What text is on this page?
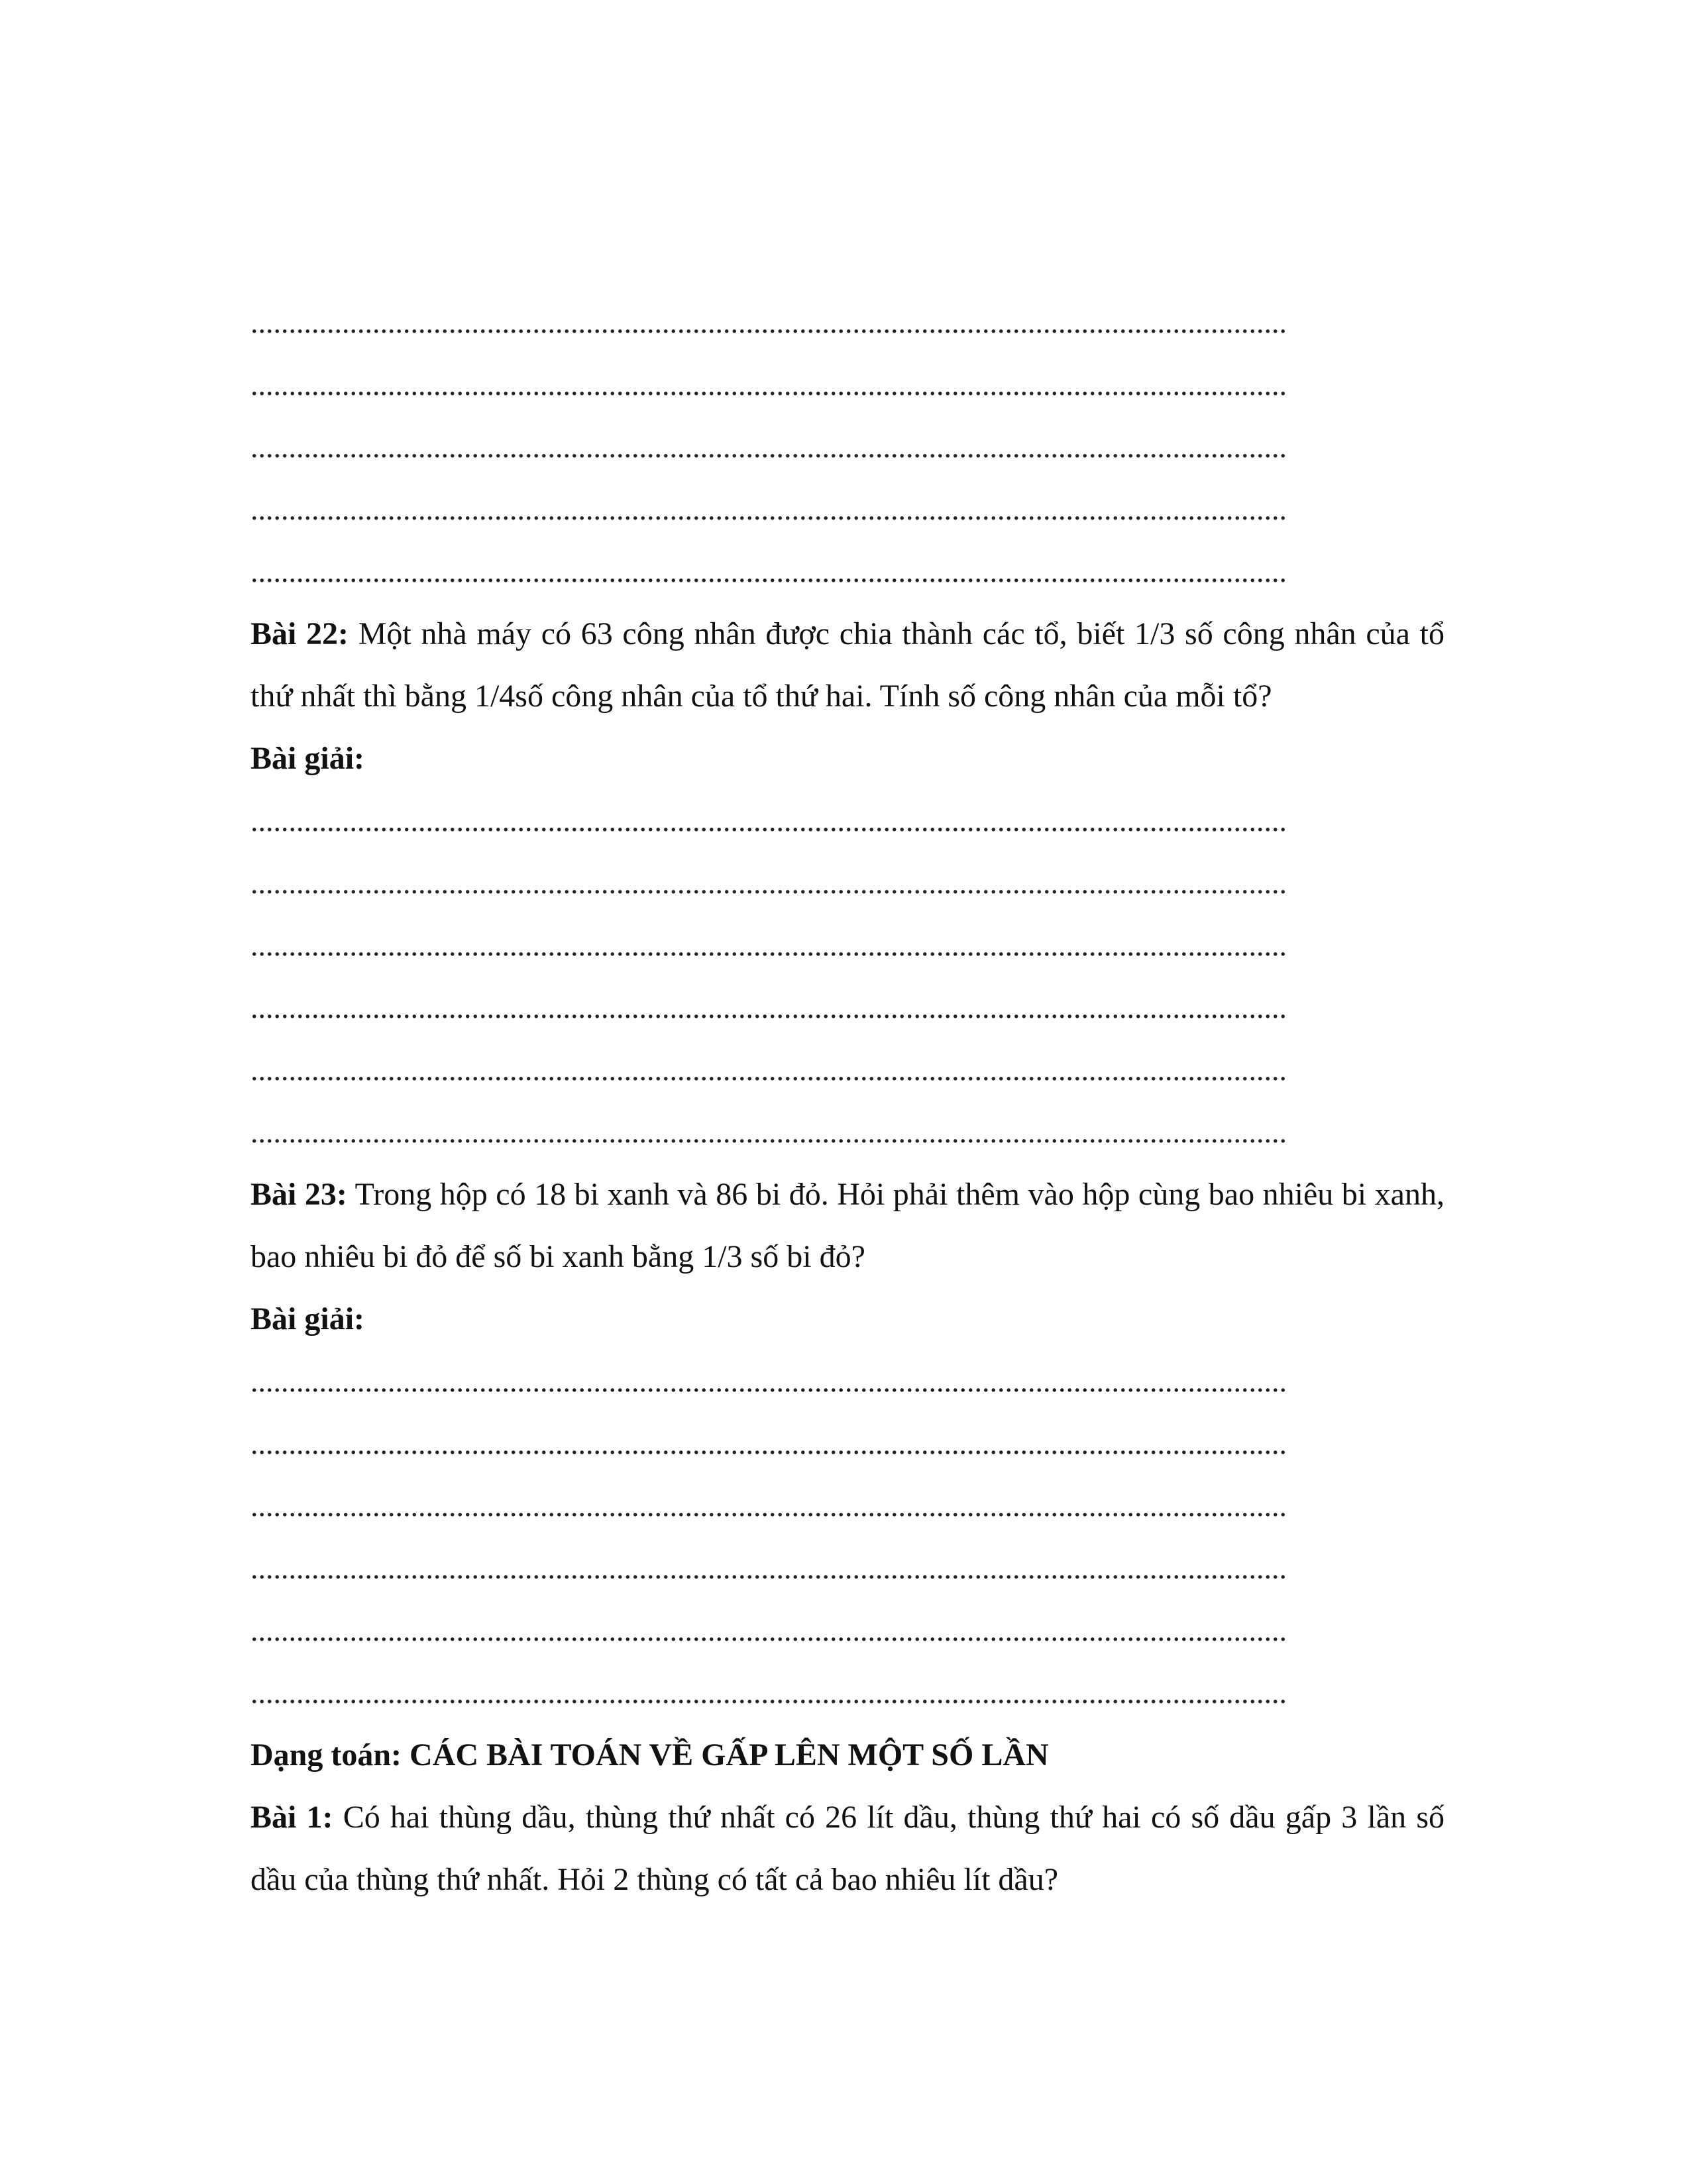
........................................................................................................................................
........................................................................................................................................
........................................................................................................................................
........................................................................................................................................
........................................................................................................................................

Bài 22: Một nhà máy có 63 công nhân được chia thành các tổ, biết 1/3 số công nhân của tổ thứ nhất thì bằng 1/4số công nhân của tổ thứ hai. Tính số công nhân của mỗi tổ?

Bài giải:

........................................................................................................................................
........................................................................................................................................
........................................................................................................................................
........................................................................................................................................
........................................................................................................................................
........................................................................................................................................

Bài 23: Trong hộp có 18 bi xanh và 86 bi đỏ. Hỏi phải thêm vào hộp cùng bao nhiêu bi xanh, bao nhiêu bi đỏ để số bi xanh bằng 1/3 số bi đỏ?

Bài giải:

........................................................................................................................................
........................................................................................................................................
........................................................................................................................................
........................................................................................................................................
........................................................................................................................................
........................................................................................................................................

Dạng toán: CÁC BÀI TOÁN VỀ GẤP LÊN MỘT SỐ LẦN

Bài 1: Có hai thùng dầu, thùng thứ nhất có 26 lít dầu, thùng thứ hai có số dầu gấp 3 lần số dầu của thùng thứ nhất. Hỏi 2 thùng có tất cả bao nhiêu lít dầu?
